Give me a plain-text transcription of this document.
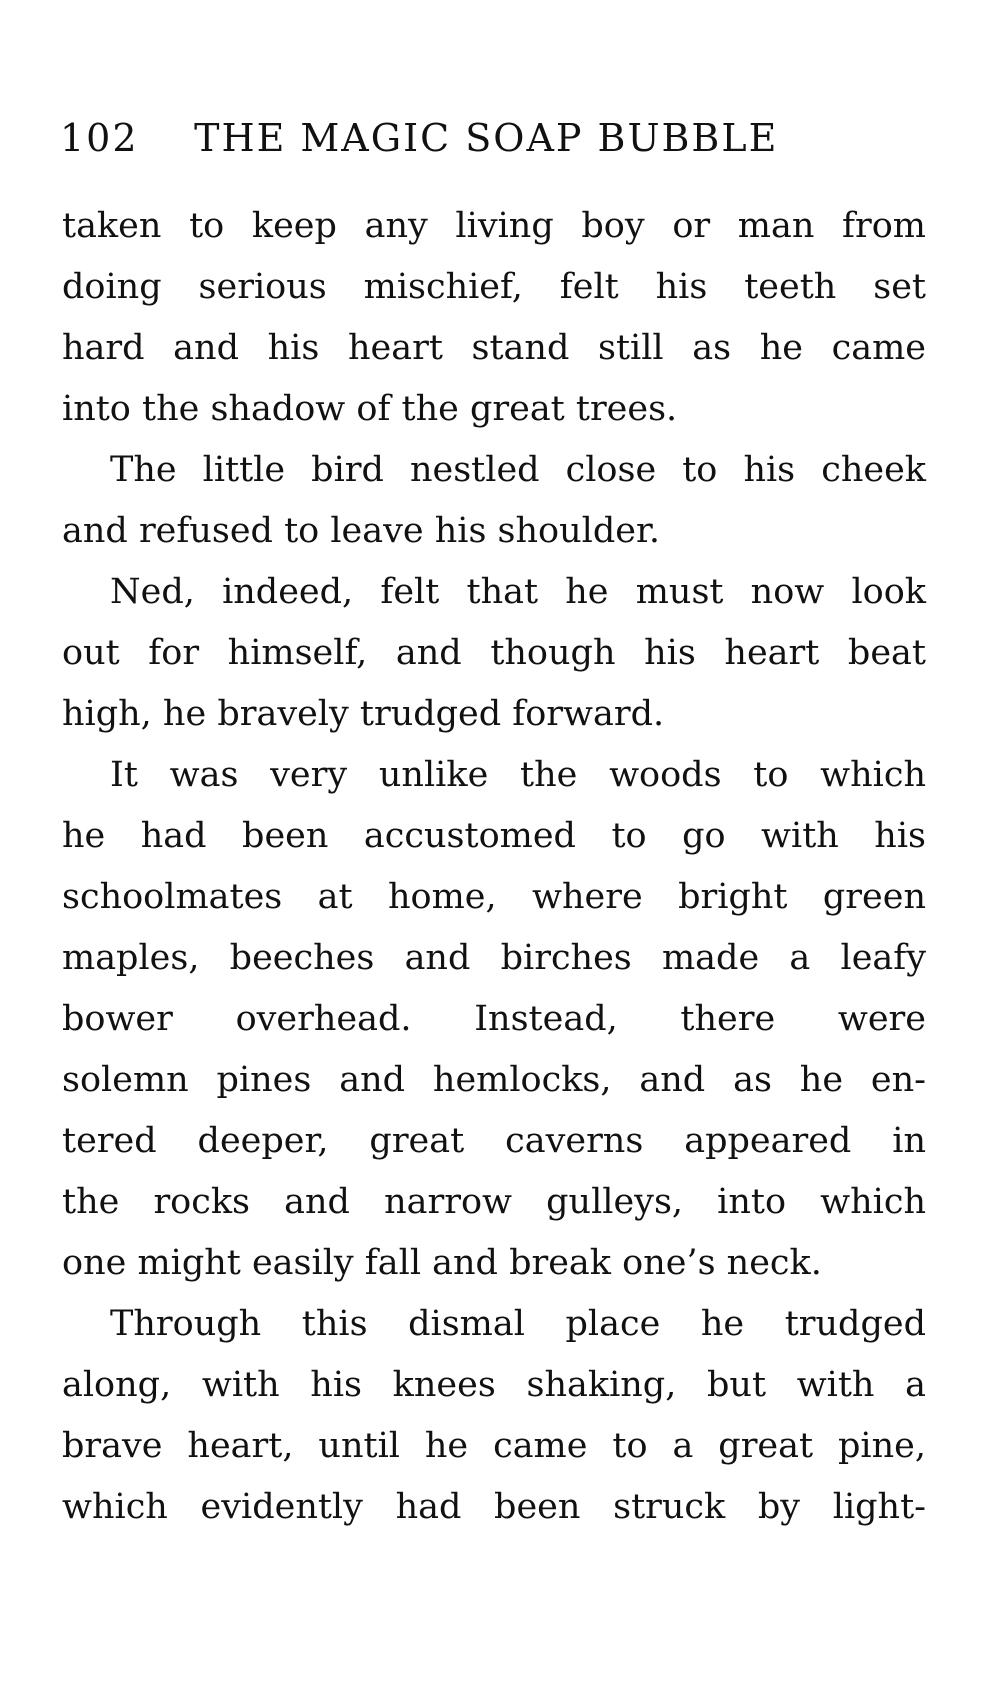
102 THE MAGIC SOAP BUBBLE
taken to keep any living boy or man from
doing serious mischief, felt his teeth set
hard and his heart stand still as he came
into the shadow of the great trees.
The little bird nestled close to his cheek
and refused to leave his shoulder.
Ned, indeed, felt that he must now look
out for himself, and though his heart beat
high, he bravely trudged forward.
It was very unlike the woods to which
he had been accustomed to go with his
schoolmates at home, where bright green
maples, beeches and birches made a leafy
bower overhead. Instead, there were
solemn pines and hemlocks, and as he en-
tered deeper, great caverns appeared in
the rocks and narrow gulleys, into which
one might easily fall and break one’s neck.
Through this dismal place he trudged
along, with his knees shaking, but with a
brave heart, until he came to a great pine,
which evidently had been struck by light-
